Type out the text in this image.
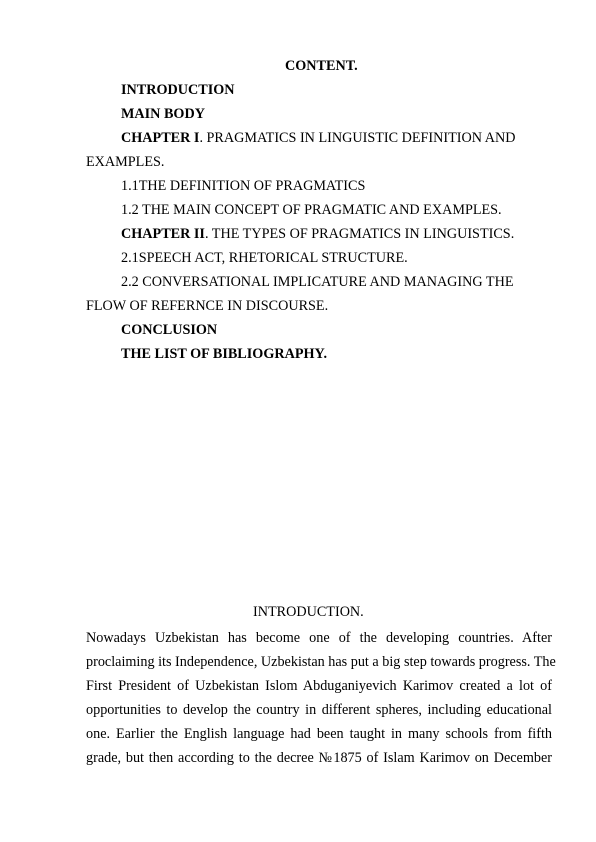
CONTENT.
INTRODUCTION
MAIN BODY
CHAPTER I. PRAGMATICS IN LINGUISTIC DEFINITION AND
EXAMPLES.
1.1THE DEFINITION OF PRAGMATICS
1.2 THE MAIN CONCEPT OF PRAGMATIC AND EXAMPLES.
CHAPTER II. THE TYPES OF PRAGMATICS IN LINGUISTICS.
2.1SPEECH ACT, RHETORICAL STRUCTURE.
2.2 CONVERSATIONAL IMPLICATURE AND MANAGING THE
FLOW OF REFERNCE IN DISCOURSE.
CONCLUSION
THE LIST OF BIBLIOGRAPHY.
INTRODUCTION.
Nowadays Uzbekistan has become one of the developing countries. After
proclaiming its Independence, Uzbekistan has put a big step towards progress. The
First President of Uzbekistan Islom Abduganiyevich Karimov created a lot of
opportunities to develop the country in different spheres, including educational
one. Earlier the English language had been taught in many schools from fifth
grade, but then according to the decree №1875 of Islam Karimov on December
